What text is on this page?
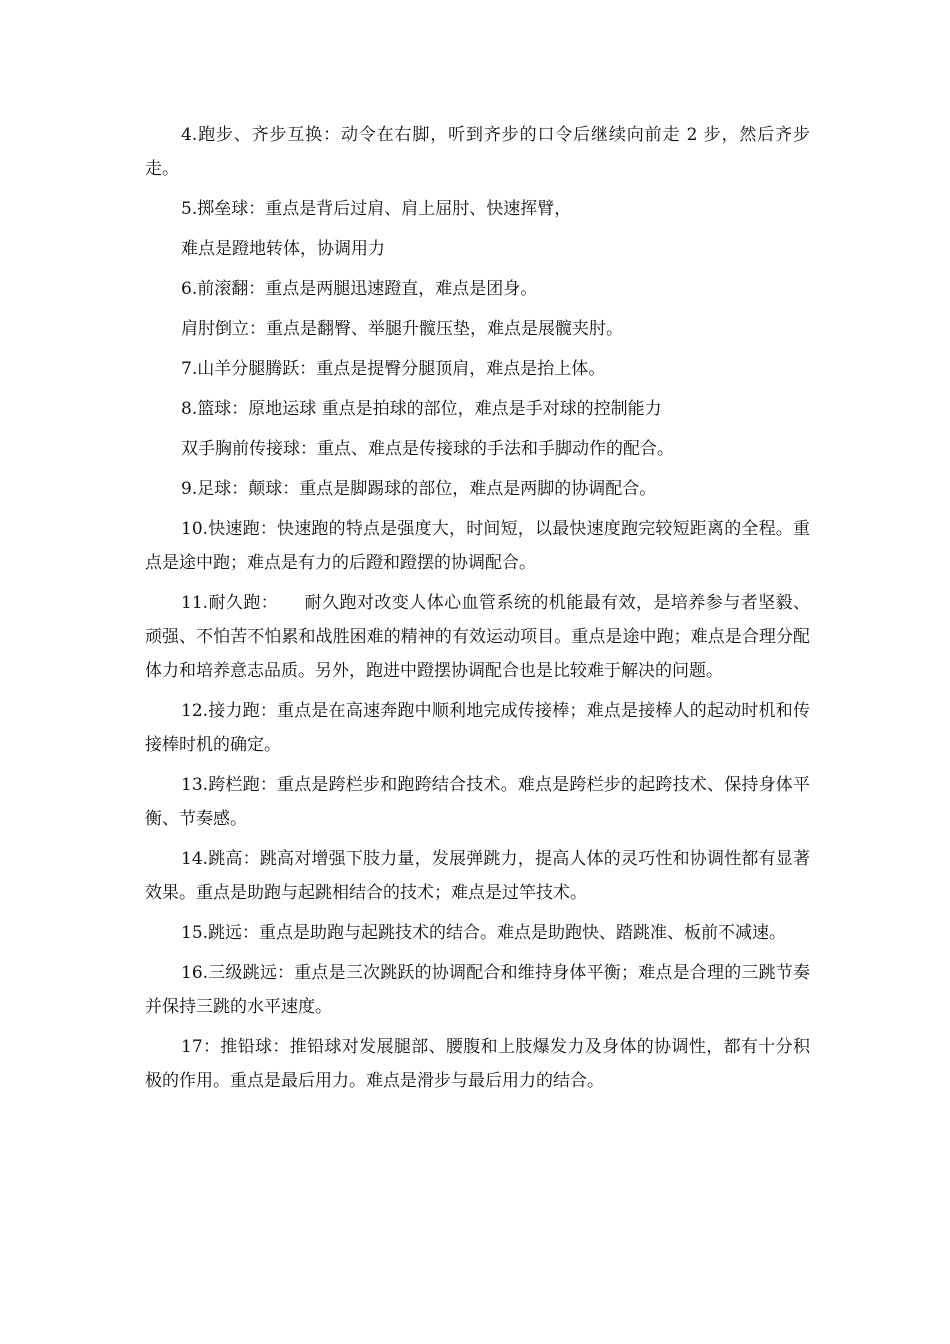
4.跑步、齐步互换：动令在右脚，听到齐步的口令后继续向前走 2 步，然后齐步走。

5.掷垒球：重点是背后过肩、肩上屈肘、快速挥臂，

难点是蹬地转体，协调用力

6.前滚翻：重点是两腿迅速蹬直，难点是团身。

肩肘倒立：重点是翻臀、举腿升髋压垫，难点是展髋夹肘。

7.山羊分腿腾跃：重点是提臀分腿顶肩，难点是抬上体。

8.篮球：原地运球 重点是拍球的部位，难点是手对球的控制能力

双手胸前传接球：重点、难点是传接球的手法和手脚动作的配合。

9.足球：颠球：重点是脚踢球的部位，难点是两脚的协调配合。

10.快速跑：快速跑的特点是强度大，时间短，以最快速度跑完较短距离的全程。重点是途中跑；难点是有力的后蹬和蹬摆的协调配合。

11.耐久跑：　　耐久跑对改变人体心血管系统的机能最有效，是培养参与者坚毅、顽强、不怕苦不怕累和战胜困难的精神的有效运动项目。重点是途中跑；难点是合理分配体力和培养意志品质。另外，跑进中蹬摆协调配合也是比较难于解决的问题。

12.接力跑：重点是在高速奔跑中顺利地完成传接棒；难点是接棒人的起动时机和传接棒时机的确定。

13.跨栏跑：重点是跨栏步和跑跨结合技术。难点是跨栏步的起跨技术、保持身体平衡、节奏感。

14.跳高：跳高对增强下肢力量，发展弹跳力，提高人体的灵巧性和协调性都有显著效果。重点是助跑与起跳相结合的技术；难点是过竿技术。

15.跳远：重点是助跑与起跳技术的结合。难点是助跑快、踏跳准、板前不减速。

16.三级跳远：重点是三次跳跃的协调配合和维持身体平衡；难点是合理的三跳节奏并保持三跳的水平速度。

17：推铅球：推铅球对发展腿部、腰腹和上肢爆发力及身体的协调性，都有十分积极的作用。重点是最后用力。难点是滑步与最后用力的结合。
